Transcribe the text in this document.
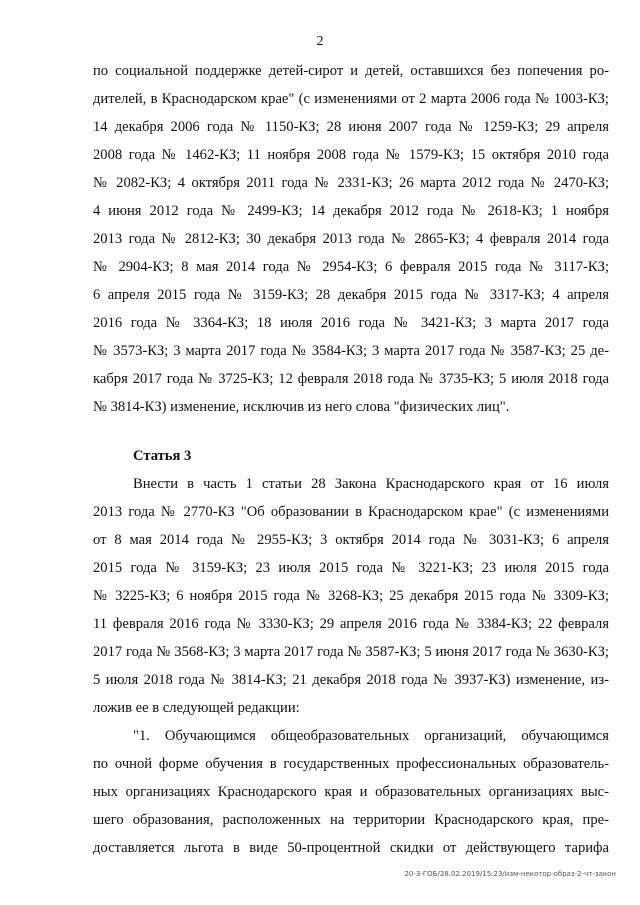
2
по социальной поддержке детей-сирот и детей, оставшихся без попечения ро-
дителей, в Краснодарском крае" (с изменениями от 2 марта 2006 года № 1003-КЗ;
14 декабря 2006 года № 1150-КЗ; 28 июня 2007 года № 1259-КЗ; 29 апреля
2008 года № 1462-КЗ; 11 ноября 2008 года № 1579-КЗ; 15 октября 2010 года
№ 2082-КЗ; 4 октября 2011 года № 2331-КЗ; 26 марта 2012 года № 2470-КЗ;
4 июня 2012 года № 2499-КЗ; 14 декабря 2012 года № 2618-КЗ; 1 ноября
2013 года № 2812-КЗ; 30 декабря 2013 года № 2865-КЗ; 4 февраля 2014 года
№ 2904-КЗ; 8 мая 2014 года № 2954-КЗ; 6 февраля 2015 года № 3117-КЗ;
6 апреля 2015 года № 3159-КЗ; 28 декабря 2015 года № 3317-КЗ; 4 апреля
2016 года № 3364-КЗ; 18 июля 2016 года № 3421-КЗ; 3 марта 2017 года
№ 3573-КЗ; 3 марта 2017 года № 3584-КЗ; 3 марта 2017 года № 3587-КЗ; 25 де-
кабря 2017 года № 3725-КЗ; 12 февраля 2018 года № 3735-КЗ; 5 июля 2018 года
№ 3814-КЗ) изменение, исключив из него слова "физических лиц".
Статья 3
Внести в часть 1 статьи 28 Закона Краснодарского края от 16 июля
2013 года № 2770-КЗ "Об образовании в Краснодарском крае" (с изменениями
от 8 мая 2014 года № 2955-КЗ; 3 октября 2014 года № 3031-КЗ; 6 апреля
2015 года № 3159-КЗ; 23 июля 2015 года № 3221-КЗ; 23 июля 2015 года
№ 3225-КЗ; 6 ноября 2015 года № 3268-КЗ; 25 декабря 2015 года № 3309-КЗ;
11 февраля 2016 года № 3330-КЗ; 29 апреля 2016 года № 3384-КЗ; 22 февраля
2017 года № 3568-КЗ; 3 марта 2017 года № 3587-КЗ; 5 июня 2017 года № 3630-КЗ;
5 июля 2018 года № 3814-КЗ; 21 декабря 2018 года № 3937-КЗ) изменение, из-
ложив ее в следующей редакции:
"1. Обучающимся общеобразовательных организаций, обучающимся
по очной форме обучения в государственных профессиональных образователь-
ных организациях Краснодарского края и образовательных организациях выс-
шего образования, расположенных на территории Краснодарского края, пре-
доставляется льгота в виде 50-процентной скидки от действующего тарифа
20-3-ГОБ/28.02.2019/15:23/изм-некотор-образ-2-чт-закон
